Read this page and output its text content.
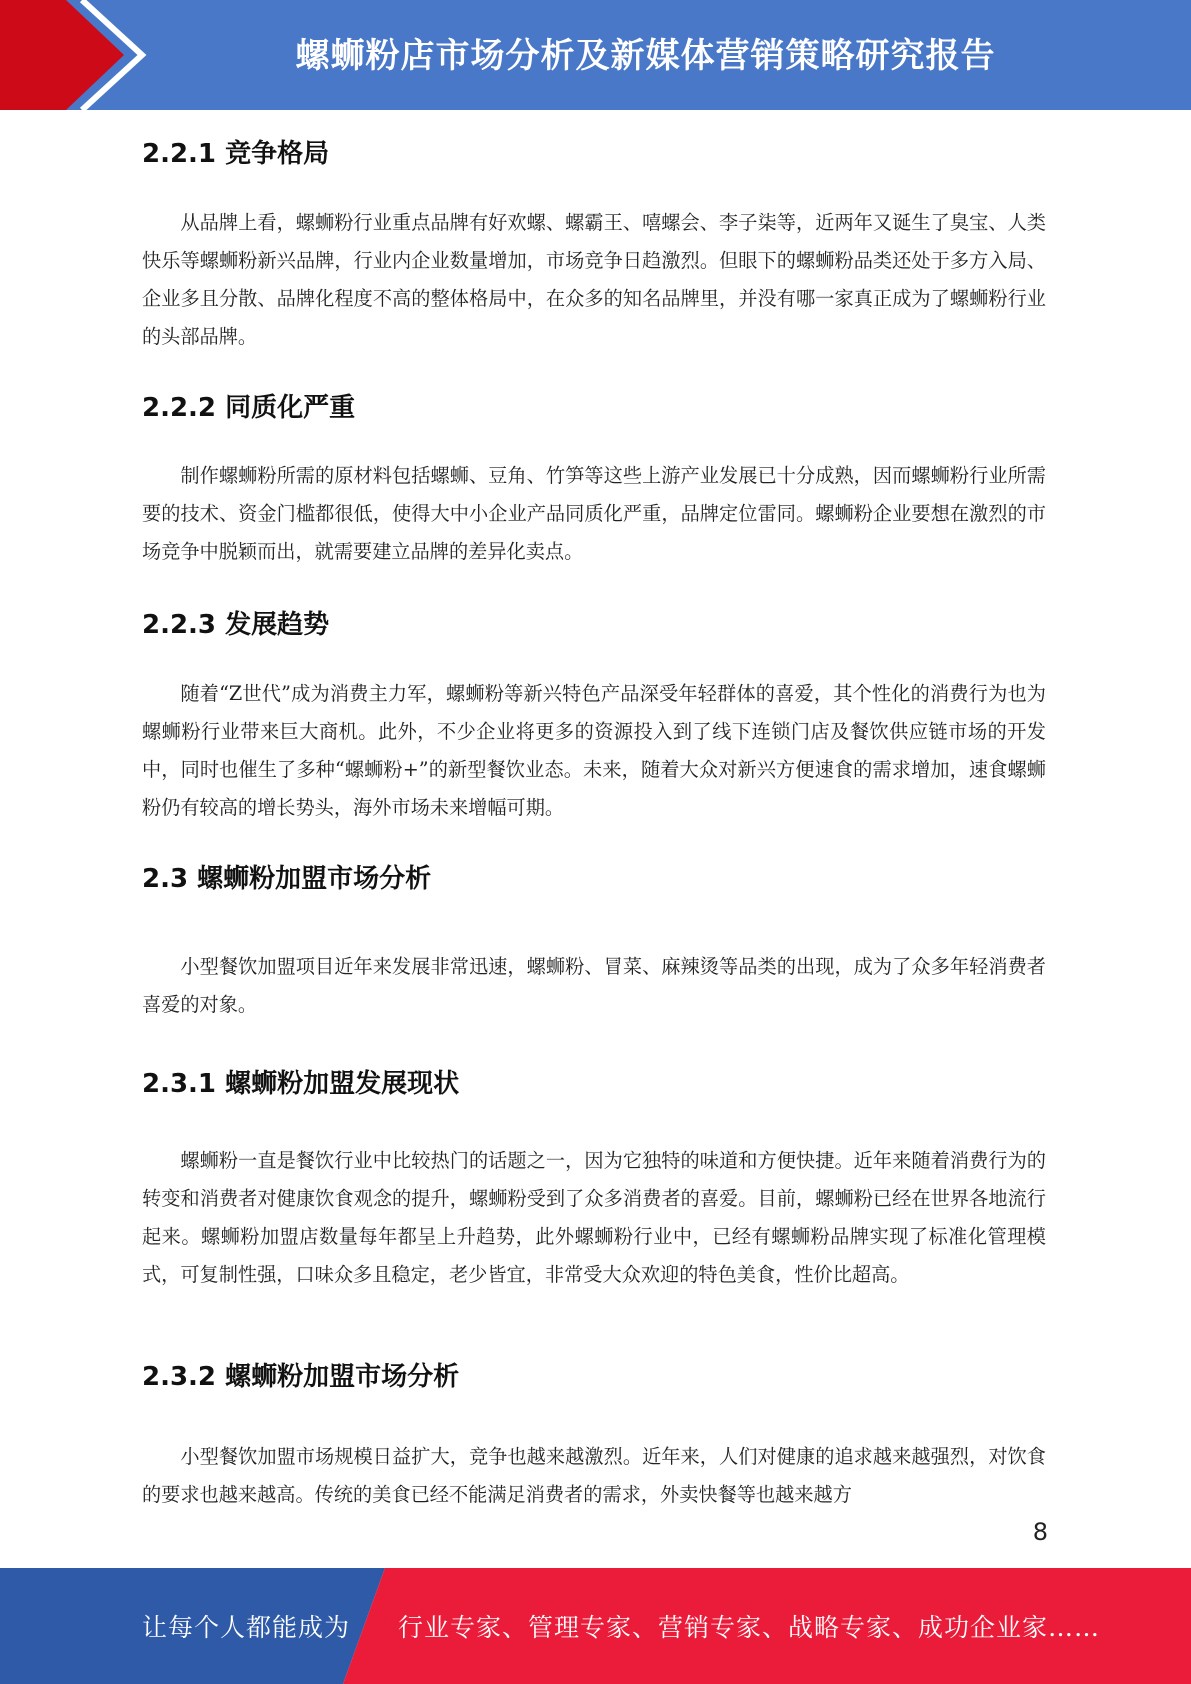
螺蛳粉店市场分析及新媒体营销策略研究报告
2.2.1 竞争格局

从品牌上看，螺蛳粉行业重点品牌有好欢螺、螺霸王、嘻螺会、李子柒等，近两年又诞生了臭宝、人类快乐等螺蛳粉新兴品牌，行业内企业数量增加，市场竞争日趋激烈。但眼下的螺蛳粉品类还处于多方入局、企业多且分散、品牌化程度不高的整体格局中，在众多的知名品牌里，并没有哪一家真正成为了螺蛳粉行业的头部品牌。

2.2.2 同质化严重

制作螺蛳粉所需的原材料包括螺蛳、豆角、竹笋等这些上游产业发展已十分成熟，因而螺蛳粉行业所需要的技术、资金门槛都很低，使得大中小企业产品同质化严重，品牌定位雷同。螺蛳粉企业要想在激烈的市场竞争中脱颖而出，就需要建立品牌的差异化卖点。

2.2.3 发展趋势

随着“Z世代”成为消费主力军，螺蛳粉等新兴特色产品深受年轻群体的喜爱，其个性化的消费行为也为螺蛳粉行业带来巨大商机。此外，不少企业将更多的资源投入到了线下连锁门店及餐饮供应链市场的开发中，同时也催生了多种“螺蛳粉+”的新型餐饮业态。未来，随着大众对新兴方便速食的需求增加，速食螺蛳粉仍有较高的增长势头，海外市场未来增幅可期。

2.3 螺蛳粉加盟市场分析

小型餐饮加盟项目近年来发展非常迅速，螺蛳粉、冒菜、麻辣烫等品类的出现，成为了众多年轻消费者喜爱的对象。

2.3.1 螺蛳粉加盟发展现状

螺蛳粉一直是餐饮行业中比较热门的话题之一，因为它独特的味道和方便快捷。近年来随着消费行为的转变和消费者对健康饮食观念的提升，螺蛳粉受到了众多消费者的喜爱。目前，螺蛳粉已经在世界各地流行起来。螺蛳粉加盟店数量每年都呈上升趋势，此外螺蛳粉行业中，已经有螺蛳粉品牌实现了标准化管理模式，可复制性强，口味众多且稳定，老少皆宜，非常受大众欢迎的特色美食，性价比超高。

2.3.2 螺蛳粉加盟市场分析

小型餐饮加盟市场规模日益扩大，竞争也越来越激烈。近年来，人们对健康的追求越来越强烈，对饮食的要求也越来越高。传统的美食已经不能满足消费者的需求，外卖快餐等也越来越方

8
让每个人都能成为 行业专家、管理专家、营销专家、战略专家、成功企业家……
